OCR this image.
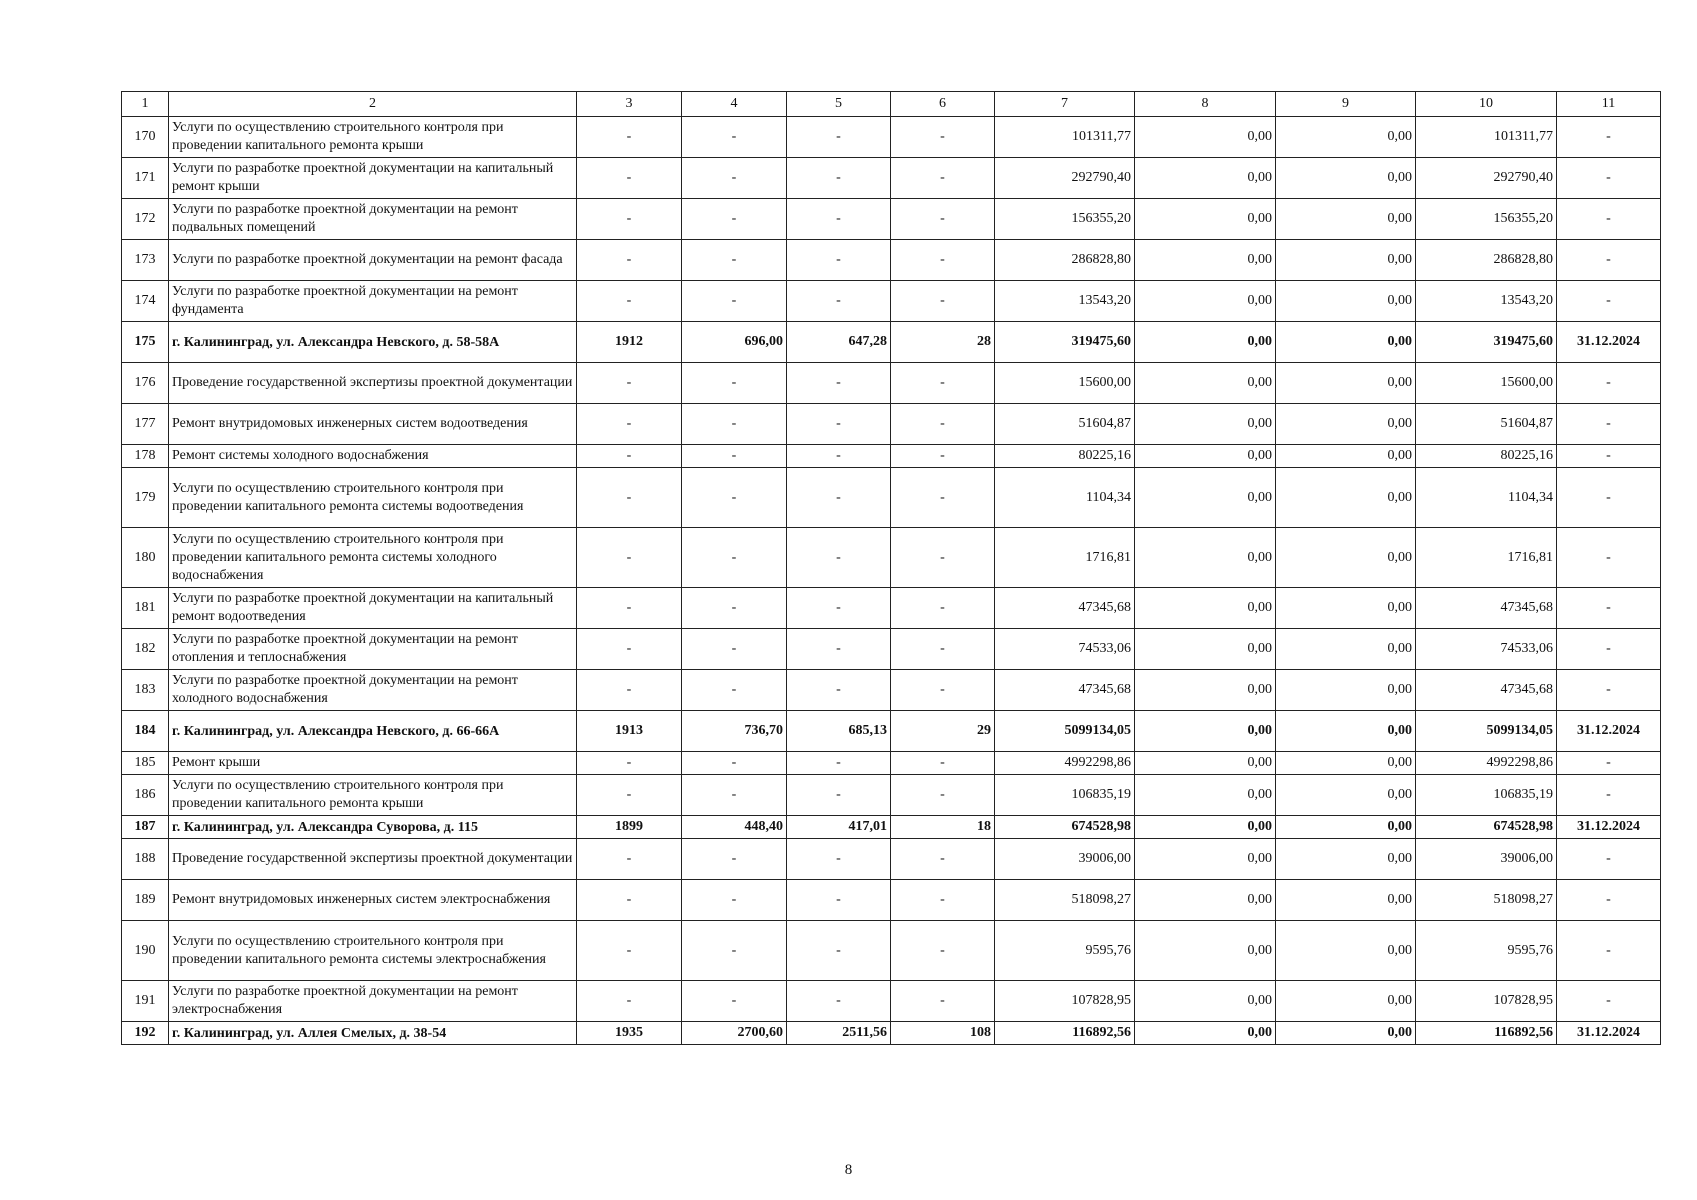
1	2	3	4	5	6	7	8	9	10	11
170	Услуги по осуществлению строительного контроля при проведении капитального ремонта крыши	-	-	-	-	101311,77	0,00	0,00	101311,77	-
171	Услуги по разработке проектной документации на капитальный ремонт крыши	-	-	-	-	292790,40	0,00	0,00	292790,40	-
172	Услуги по разработке проектной документации на ремонт подвальных помещений	-	-	-	-	156355,20	0,00	0,00	156355,20	-
173	Услуги по разработке проектной документации на ремонт фасада	-	-	-	-	286828,80	0,00	0,00	286828,80	-
174	Услуги по разработке проектной документации на ремонт фундамента	-	-	-	-	13543,20	0,00	0,00	13543,20	-
175	г. Калининград, ул. Александра Невского, д. 58-58А	1912	696,00	647,28	28	319475,60	0,00	0,00	319475,60	31.12.2024
176	Проведение государственной экспертизы проектной документации	-	-	-	-	15600,00	0,00	0,00	15600,00	-
177	Ремонт внутридомовых инженерных систем водоотведения	-	-	-	-	51604,87	0,00	0,00	51604,87	-
178	Ремонт системы холодного водоснабжения	-	-	-	-	80225,16	0,00	0,00	80225,16	-
179	Услуги по осуществлению строительного контроля при проведении капитального ремонта системы водоотведения	-	-	-	-	1104,34	0,00	0,00	1104,34	-
180	Услуги по осуществлению строительного контроля при проведении капитального ремонта системы холодного водоснабжения	-	-	-	-	1716,81	0,00	0,00	1716,81	-
181	Услуги по разработке проектной документации на капитальный ремонт водоотведения	-	-	-	-	47345,68	0,00	0,00	47345,68	-
182	Услуги по разработке проектной документации на ремонт отопления и теплоснабжения	-	-	-	-	74533,06	0,00	0,00	74533,06	-
183	Услуги по разработке проектной документации на ремонт холодного водоснабжения	-	-	-	-	47345,68	0,00	0,00	47345,68	-
184	г. Калининград, ул. Александра Невского, д. 66-66А	1913	736,70	685,13	29	5099134,05	0,00	0,00	5099134,05	31.12.2024
185	Ремонт крыши	-	-	-	-	4992298,86	0,00	0,00	4992298,86	-
186	Услуги по осуществлению строительного контроля при проведении капитального ремонта крыши	-	-	-	-	106835,19	0,00	0,00	106835,19	-
187	г. Калининград, ул. Александра Суворова, д. 115	1899	448,40	417,01	18	674528,98	0,00	0,00	674528,98	31.12.2024
188	Проведение государственной экспертизы проектной документации	-	-	-	-	39006,00	0,00	0,00	39006,00	-
189	Ремонт внутридомовых инженерных систем электроснабжения	-	-	-	-	518098,27	0,00	0,00	518098,27	-
190	Услуги по осуществлению строительного контроля при проведении капитального ремонта системы электроснабжения	-	-	-	-	9595,76	0,00	0,00	9595,76	-
191	Услуги по разработке проектной документации на ремонт электроснабжения	-	-	-	-	107828,95	0,00	0,00	107828,95	-
192	г. Калининград, ул. Аллея Смелых, д. 38-54	1935	2700,60	2511,56	108	116892,56	0,00	0,00	116892,56	31.12.2024
8
